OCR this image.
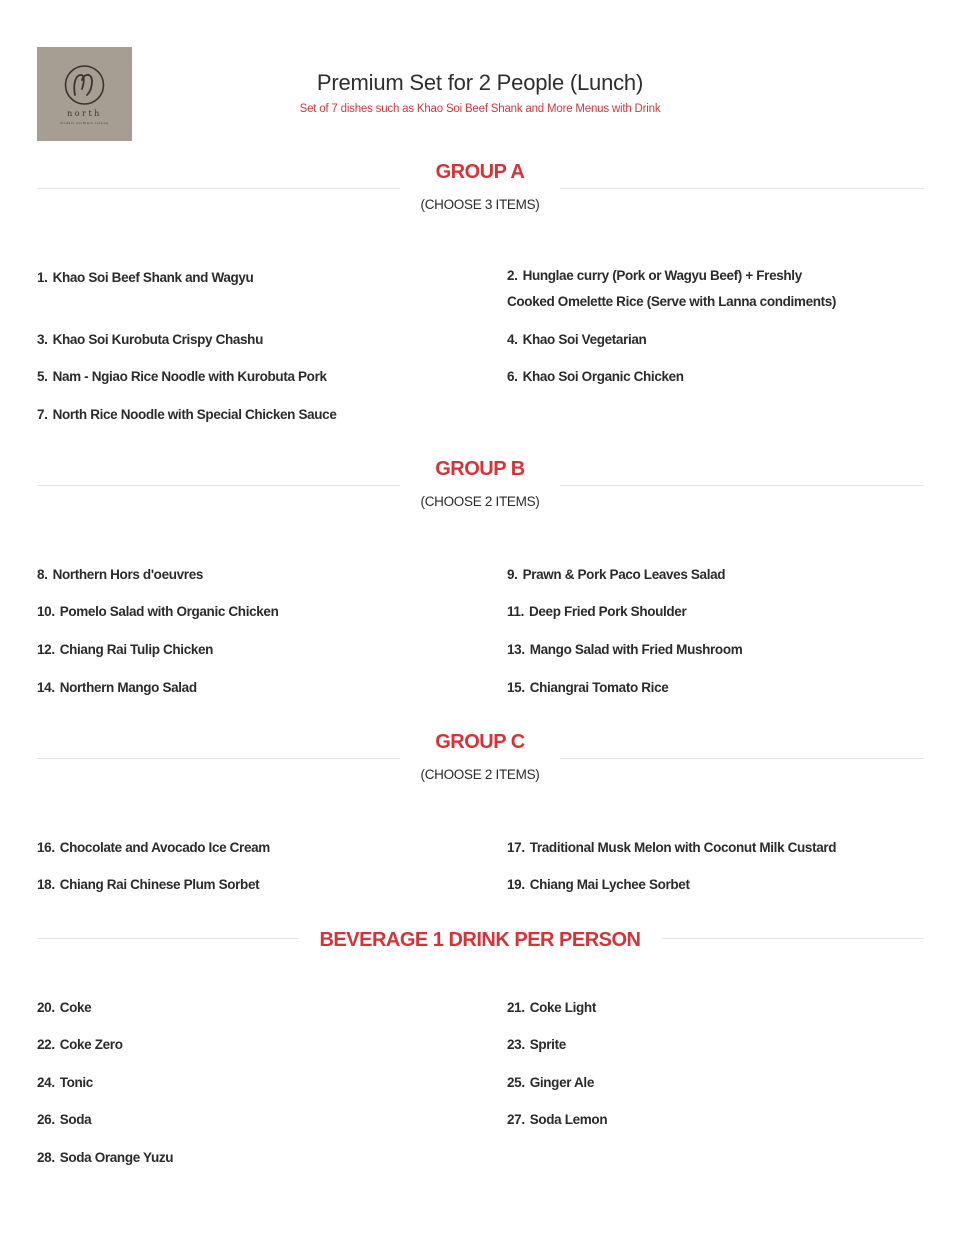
north
modern northern cuisine
Premium Set for 2 People (Lunch)
Set of 7 dishes such as Khao Soi Beef Shank and More Menus with Drink
GROUP A
(CHOOSE 3 ITEMS)
1. Khao Soi Beef Shank and Wagyu	2. Hunglae curry (Pork or Wagyu Beef) + Freshly
Cooked Omelette Rice (Serve with Lanna condiments)
3. Khao Soi Kurobuta Crispy Chashu	4. Khao Soi Vegetarian
5. Nam - Ngiao Rice Noodle with Kurobuta Pork	6. Khao Soi Organic Chicken
7. North Rice Noodle with Special Chicken Sauce
GROUP B
(CHOOSE 2 ITEMS)
8. Northern Hors d'oeuvres	9. Prawn & Pork Paco Leaves Salad
10. Pomelo Salad with Organic Chicken	11. Deep Fried Pork Shoulder
12. Chiang Rai Tulip Chicken	13. Mango Salad with Fried Mushroom
14. Northern Mango Salad	15. Chiangrai Tomato Rice
GROUP C
(CHOOSE 2 ITEMS)
16. Chocolate and Avocado Ice Cream	17. Traditional Musk Melon with Coconut Milk Custard
18. Chiang Rai Chinese Plum Sorbet	19. Chiang Mai Lychee Sorbet
BEVERAGE 1 DRINK PER PERSON
20. Coke	21. Coke Light
22. Coke Zero	23. Sprite
24. Tonic	25. Ginger Ale
26. Soda	27. Soda Lemon
28. Soda Orange Yuzu
